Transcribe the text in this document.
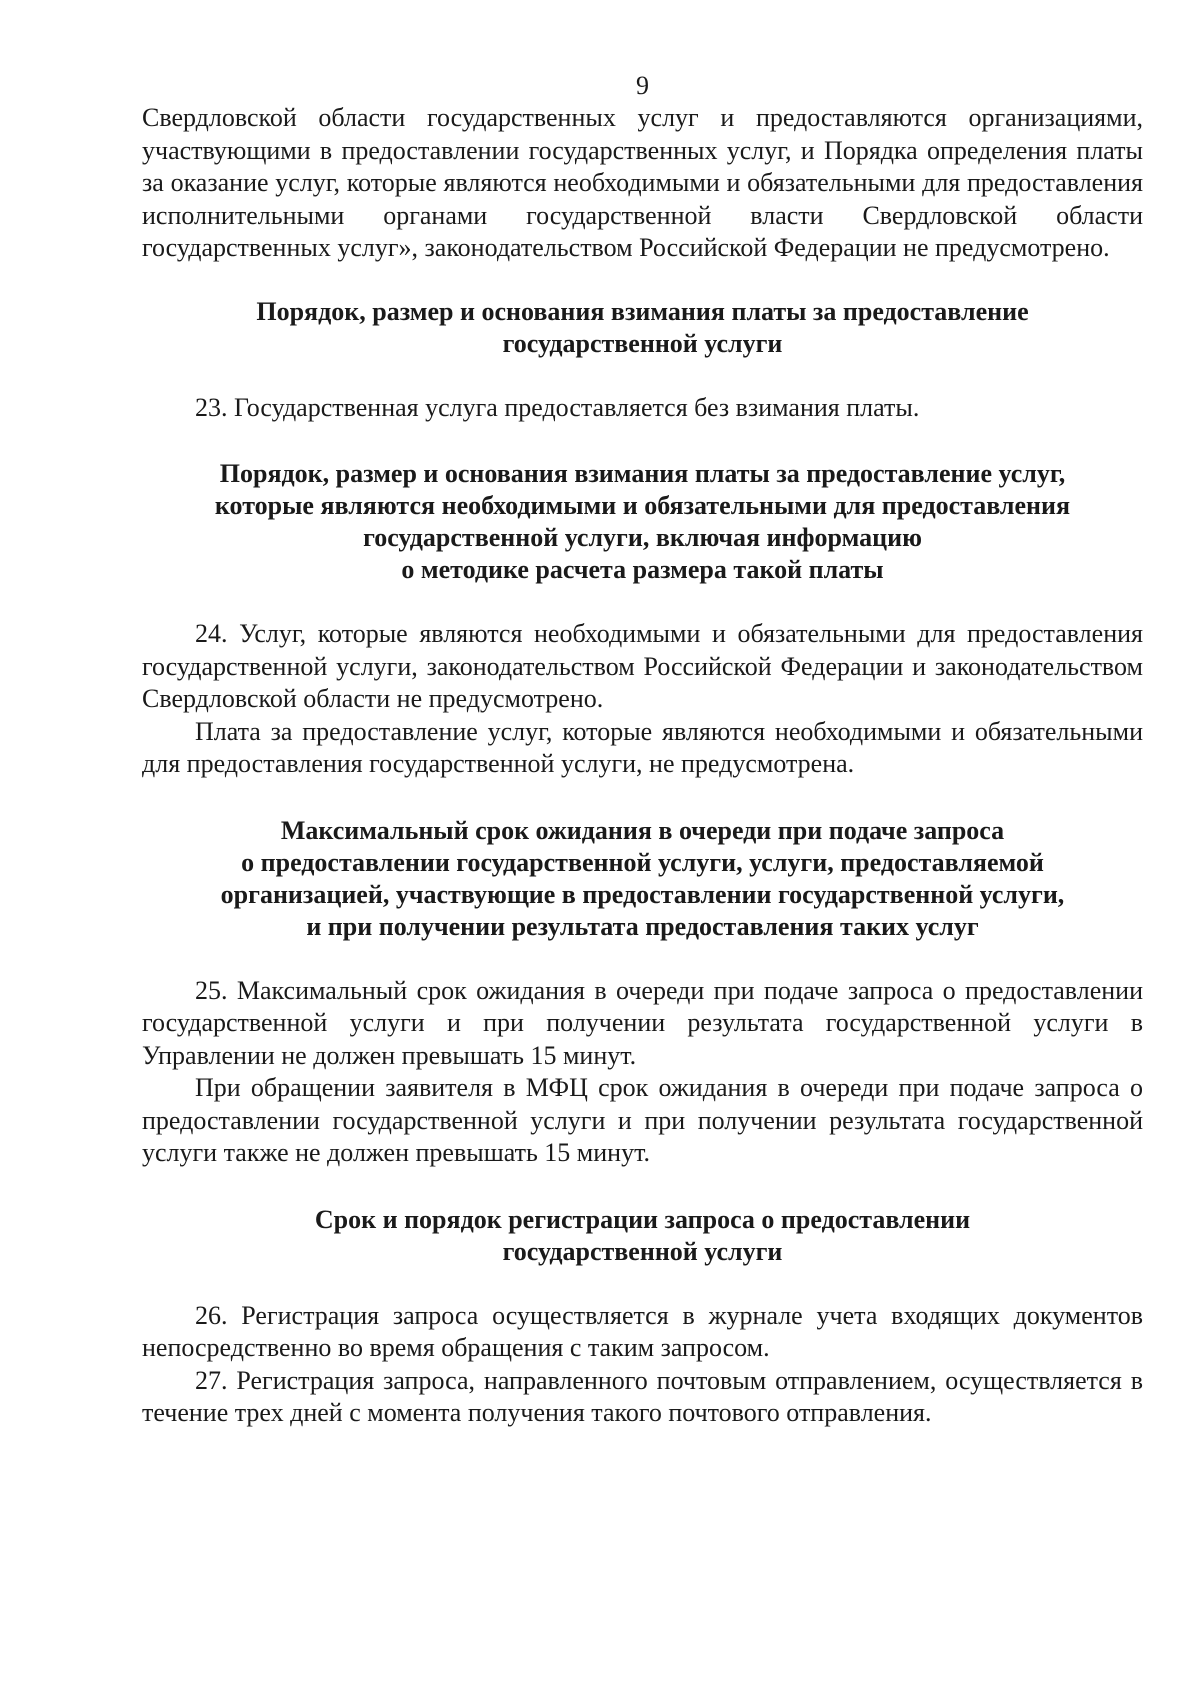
9

Свердловской области государственных услуг и предоставляются организациями, участвующими в предоставлении государственных услуг, и Порядка определения платы за оказание услуг, которые являются необходимыми и обязательными для предоставления исполнительными органами государственной власти Свердловской области государственных услуг», законодательством Российской Федерации не предусмотрено.

Порядок, размер и основания взимания платы за предоставление
государственной услуги

23. Государственная услуга предоставляется без взимания платы.

Порядок, размер и основания взимания платы за предоставление услуг,
которые являются необходимыми и обязательными для предоставления
государственной услуги, включая информацию
о методике расчета размера такой платы

24. Услуг, которые являются необходимыми и обязательными для предоставления государственной услуги, законодательством Российской Федерации и законодательством Свердловской области не предусмотрено.

Плата за предоставление услуг, которые являются необходимыми и обязательными для предоставления государственной услуги, не предусмотрена.

Максимальный срок ожидания в очереди при подаче запроса
о предоставлении государственной услуги, услуги, предоставляемой
организацией, участвующие в предоставлении государственной услуги,
и при получении результата предоставления таких услуг

25. Максимальный срок ожидания в очереди при подаче запроса о предоставлении государственной услуги и при получении результата государственной услуги в Управлении не должен превышать 15 минут.

При обращении заявителя в МФЦ срок ожидания в очереди при подаче запроса о предоставлении государственной услуги и при получении результата государственной услуги также не должен превышать 15 минут.

Срок и порядок регистрации запроса о предоставлении
государственной услуги

26. Регистрация запроса осуществляется в журнале учета входящих документов непосредственно во время обращения с таким запросом.

27. Регистрация запроса, направленного почтовым отправлением, осуществляется в течение трех дней с момента получения такого почтового отправления.
